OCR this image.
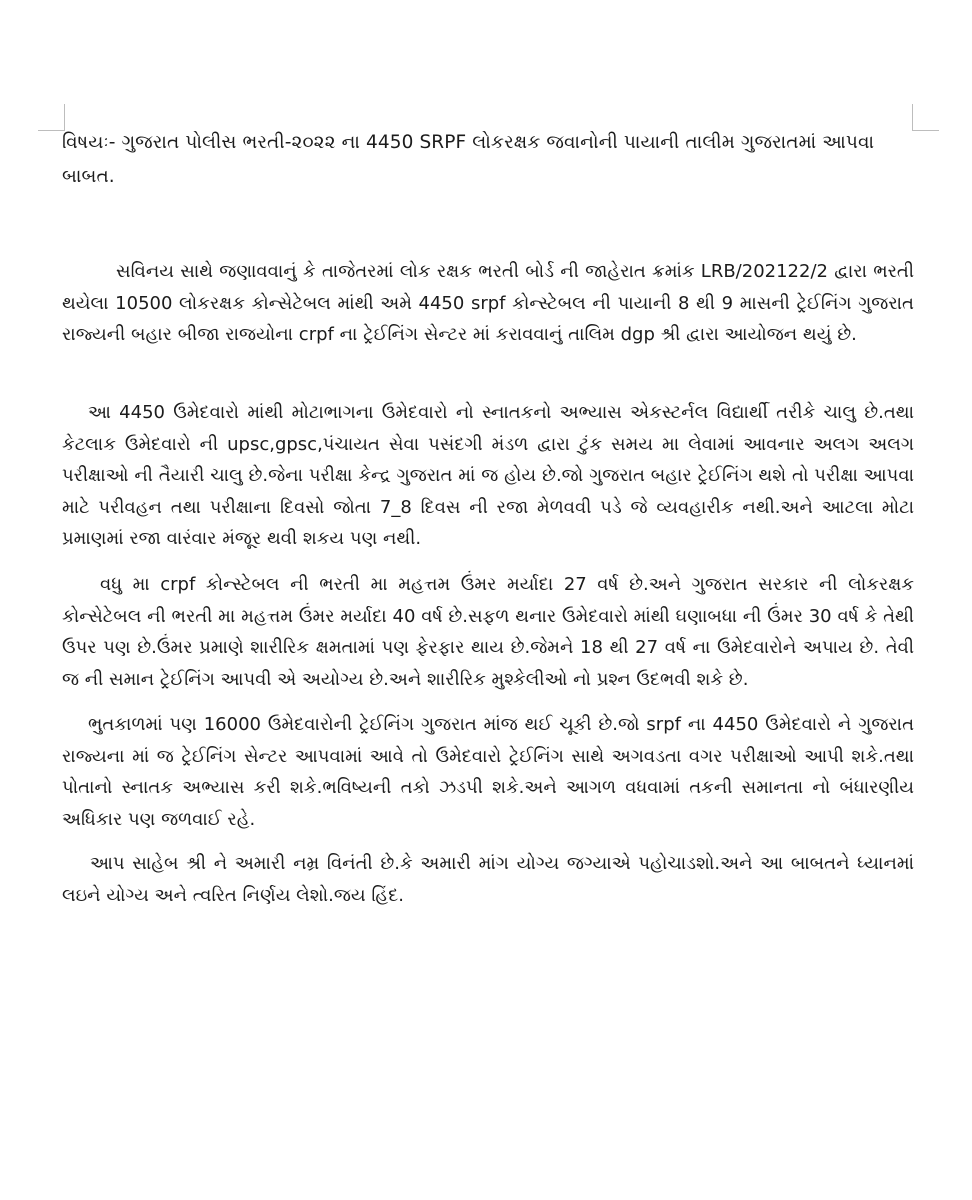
વિષયઃ- ગુજરાત પોલીસ ભરતી-૨૦૨૨ ના 4450 SRPF લોકરક્ષક જવાનોની પાયાની તાલીમ ગુજરાતમાં આપવા બાબત.

સવિનય સાથે જણાવવાનું કે તાજેતરમાં લોક રક્ષક ભરતી બોર્ડ ની જાહેરાત ક્રમાંક LRB/202122/2 દ્વારા ભરતી થયેલા 10500 લોકરક્ષક કોન્સેટેબલ માંથી અમે 4450 srpf કોન્સ્ટેબલ ની પાયાની 8 થી 9 માસની ટ્રેઈનિંગ ગુજરાત રાજ્યની બહાર બીજા રાજયોના crpf ના ટ્રેઈનિંગ સેન્ટર માં કરાવવાનું તાલિમ dgp શ્રી દ્વારા આયોજન થયું છે.

આ 4450 ઉમેદવારો માંથી મોટાભાગના ઉમેદવારો નો સ્નાતકનો અભ્યાસ એકસ્ટર્નલ વિદ્યાર્થી તરીકે ચાલુ છે.તથા કેટલાક ઉમેદવારો ની upsc,gpsc,પંચાયત સેવા પસંદગી મંડળ દ્વારા ટુંક સમય મા લેવામાં આવનાર અલગ અલગ પરીક્ષાઓ ની તૈયારી ચાલુ છે.જેના પરીક્ષા કેન્દ્ર ગુજરાત માં જ હોય છે.જો ગુજરાત બહાર ટ્રેઈનિંગ થશે તો પરીક્ષા આપવા માટે પરીવહન તથા પરીક્ષાના દિવસો જોતા 7_8 દિવસ ની રજા મેળવવી પડે જે વ્યવહારીક નથી.અને આટલા મોટા પ્રમાણમાં રજા વારંવાર મંજૂર થવી શકય પણ નથી.

વધુ મા crpf કોન્સ્ટેબલ ની ભરતી મા મહત્તમ ઉંમર મર્યાદા 27 વર્ષ છે.અને ગુજરાત સરકાર ની લોકરક્ષક કોન્સેટેબલ ની ભરતી મા મહત્તમ ઉંમર મર્યાદા 40 વર્ષ છે.સફળ થનાર ઉમેદવારો માંથી ઘણાબધા ની ઉંમર 30 વર્ષ કે તેથી ઉપર પણ છે.ઉંમર પ્રમાણે શારીરિક ક્ષમતામાં પણ ફેરફાર થાય છે.જેમને 18 થી 27 વર્ષ ના ઉમેદવારોને અપાય છે. તેવી જ ની સમાન ટ્રેઈનિંગ આપવી એ અયોગ્ય છે.અને શારીરિક મુશ્કેલીઓ નો પ્રશ્ન ઉદભવી શકે છે.

ભુતકાળમાં પણ 16000 ઉમેદવારોની ટ્રેઈનિંગ ગુજરાત માંજ થઈ ચૂકી છે.જો srpf ના 4450 ઉમેદવારો ને ગુજરાત રાજ્યના માં જ ટ્રેઈનિંગ સેન્ટર આપવામાં આવે તો ઉમેદવારો ટ્રેઈનિંગ સાથે અગવડતા વગર પરીક્ષાઓ આપી શકે.તથા પોતાનો સ્નાતક અભ્યાસ કરી શકે.ભવિષ્યની તકો ઝડપી શકે.અને આગળ વધવામાં તકની સમાનતા નો બંધારણીય અધિકાર પણ જળવાઈ રહે.

આપ સાહેબ શ્રી ને અમારી નમ્ર વિનંતી છે.કે અમારી માંગ યોગ્ય જગ્યાએ પહોચાડશો.અને આ બાબતને ધ્યાનમાં લઇને યોગ્ય અને ત્વરિત નિર્ણય લેશો.જય હિંદ.
